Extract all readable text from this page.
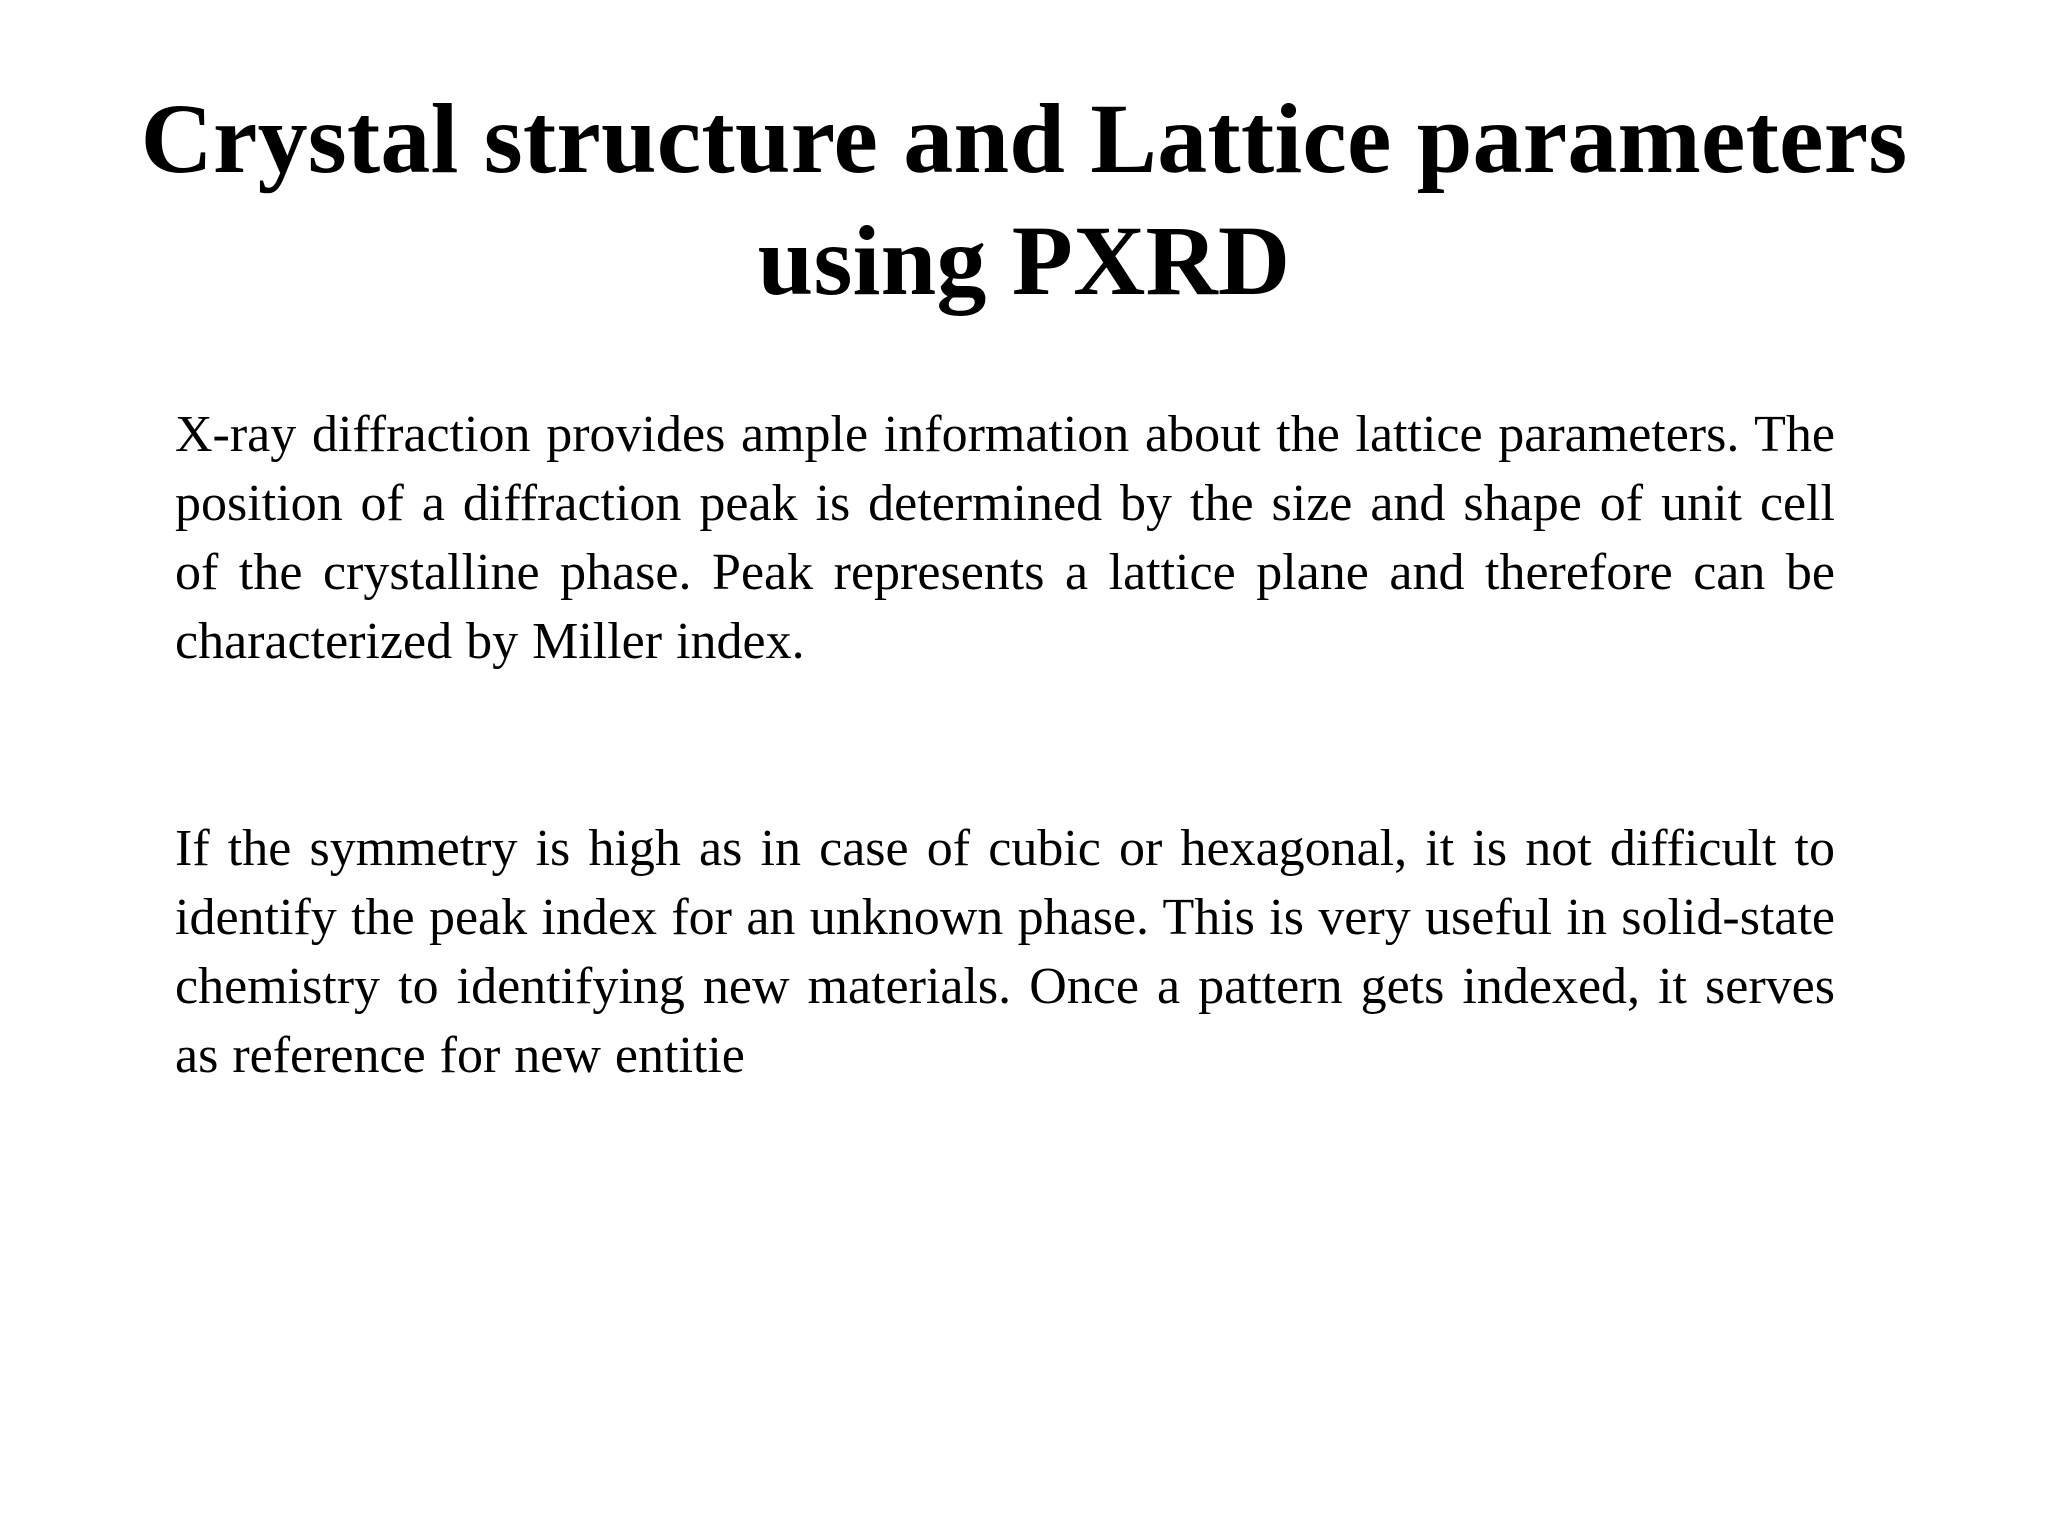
Crystal structure and Lattice parameters using PXRD

X-ray diffraction provides ample information about the lattice parameters. The position of a diffraction peak is determined by the size and shape of unit cell of the crystalline phase. Peak represents a lattice plane and therefore can be characterized by Miller index.

If the symmetry is high as in case of cubic or hexagonal, it is not difficult to identify the peak index for an unknown phase. This is very useful in solid-state chemistry to identifying new materials. Once a pattern gets indexed, it serves as reference for new entitie
